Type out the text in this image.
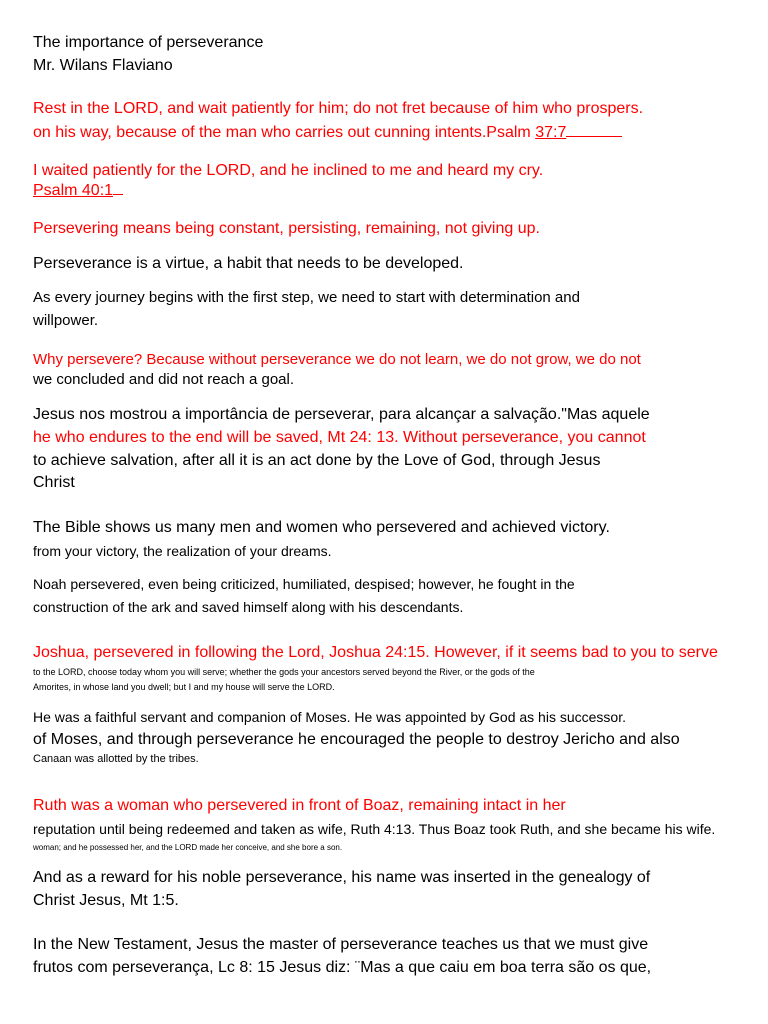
The importance of perseverance
Mr. Wilans Flaviano
Rest in the LORD, and wait patiently for him; do not fret because of him who prospers.
on his way, because of the man who carries out cunning intents.Psalm 37:7
I waited patiently for the LORD, and he inclined to me and heard my cry.
Psalm 40:1
Persevering means being constant, persisting, remaining, not giving up.
Perseverance is a virtue, a habit that needs to be developed.
As every journey begins with the first step, we need to start with determination and
willpower.
Why persevere? Because without perseverance we do not learn, we do not grow, we do not
we concluded and did not reach a goal.
Jesus nos mostrou a importância de perseverar, para alcançar a salvação."Mas aquele
he who endures to the end will be saved, Mt 24: 13. Without perseverance, you cannot
to achieve salvation, after all it is an act done by the Love of God, through Jesus
Christ
The Bible shows us many men and women who persevered and achieved victory.
from your victory, the realization of your dreams.
Noah persevered, even being criticized, humiliated, despised; however, he fought in the
construction of the ark and saved himself along with his descendants.
Joshua, persevered in following the Lord, Joshua 24:15. However, if it seems bad to you to serve
to the LORD, choose today whom you will serve; whether the gods your ancestors served beyond the River, or the gods of the
Amorites, in whose land you dwell; but I and my house will serve the LORD.
He was a faithful servant and companion of Moses. He was appointed by God as his successor.
of Moses, and through perseverance he encouraged the people to destroy Jericho and also
Canaan was allotted by the tribes.
Ruth was a woman who persevered in front of Boaz, remaining intact in her
reputation until being redeemed and taken as wife, Ruth 4:13. Thus Boaz took Ruth, and she became his wife.
woman; and he possessed her, and the LORD made her conceive, and she bore a son.
And as a reward for his noble perseverance, his name was inserted in the genealogy of
Christ Jesus, Mt 1:5.
In the New Testament, Jesus the master of perseverance teaches us that we must give
frutos com perseverança, Lc 8: 15 Jesus diz: ¨Mas a que caiu em boa terra são os que,
